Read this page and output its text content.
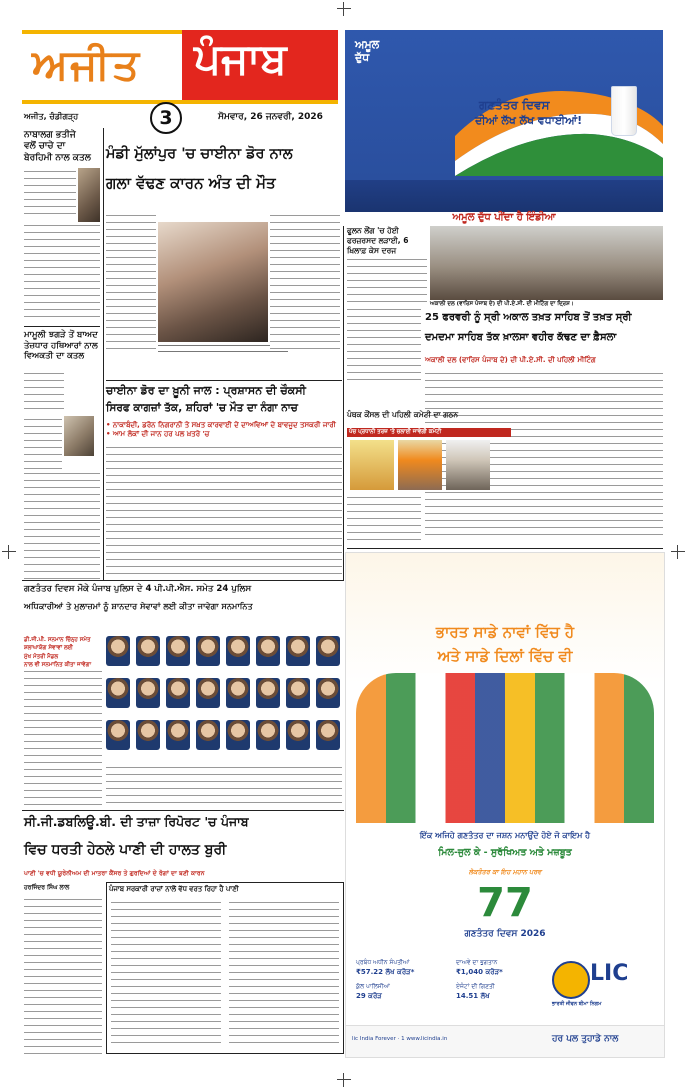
ਅਜੀਤ ਪੰਜਾਬ
3
ਅਜੀਤ, ਚੰਡੀਗੜ੍ਹ	ਸੋਮਵਾਰ, 26 ਜਨਵਰੀ, 2026
ਅਮੂਲ
ਦੁੱਧ
ਗਣਤੰਤਰ ਦਿਵਸ
ਦੀਆਂ ਲੱਖ ਲੱਖ ਵਧਾਈਆਂ!
ਅਮੂਲ ਦੁੱਧ ਪੀਂਦਾ ਹੈ ਇੰਡੀਆ
ਨਾਬਾਲਗ ਭਤੀਜੇ
ਵਲੋਂ ਚਾਚੇ ਦਾ
ਬੇਰਹਿਮੀ ਨਾਲ ਕਤਲ
ਮਾਮੂਲੀ ਝਗੜੇ ਤੋਂ ਬਾਅਦ
ਤੇਜ਼ਧਾਰ ਹਥਿਆਰਾਂ ਨਾਲ
ਵਿਅਕਤੀ ਦਾ ਕਤਲ
ਮੰਡੀ ਮੁੱਲਾਂਪੁਰ 'ਚ ਚਾਈਨਾ ਡੋਰ ਨਾਲ
ਗਲਾ ਵੱਢਣ ਕਾਰਨ ਅੰਤ ਦੀ ਮੌਤ
ਚਾਈਨਾ ਡੋਰ ਦਾ ਖ਼ੂਨੀ ਜਾਲ : ਪ੍ਰਸ਼ਾਸਨ ਦੀ ਚੌਕਸੀ
ਸਿਰਫ ਕਾਗਜ਼ਾਂ ਤੱਕ, ਸ਼ਹਿਰਾਂ 'ਚ ਮੌਤ ਦਾ ਨੰਗਾ ਨਾਚ
• ਨਾਕਾਬੰਦੀ, ਡਰੋਨ ਨਿਗਰਾਨੀ ਤੇ ਸਖ਼ਤ ਕਾਰਵਾਈ ਦੇ ਦਾਅਵਿਆਂ ਦੇ ਬਾਵਜੂਦ ਤਸਕਰੀ ਜਾਰੀ • ਆਮ ਲੋਕਾਂ ਦੀ ਜਾਨ ਹਰ ਪਲ ਖ਼ਤਰੇ 'ਚ
ਫੂਲਨ ਲੌਂਗ 'ਚ ਹੋਈ
ਫਰਜ਼ਰਸਦ ਲੜਾਈ, 6
ਖ਼ਿਲਾਫ਼ ਕੇਸ ਦਰਜ
ਅਕਾਲੀ ਦਲ (ਵਾਰਿਸ ਪੰਜਾਬ ਦੇ) ਦੀ ਪੀ.ਏ.ਸੀ. ਦੀ ਮੀਟਿੰਗ ਦਾ ਦ੍ਰਿਸ਼।
25 ਫਰਵਰੀ ਨੂੰ ਸ੍ਰੀ ਅਕਾਲ ਤਖ਼ਤ ਸਾਹਿਬ ਤੋਂ ਤਖ਼ਤ ਸ੍ਰੀ
ਦਮਦਮਾ ਸਾਹਿਬ ਤੱਕ ਖ਼ਾਲਸਾ ਵਹੀਰ ਕੱਢਣ ਦਾ ਫ਼ੈਸਲਾ
ਅਕਾਲੀ ਦਲ (ਵਾਰਿਸ ਪੰਜਾਬ ਦੇ) ਦੀ ਪੀ.ਏ.ਸੀ. ਦੀ ਪਹਿਲੀ ਮੀਟਿੰਗ
ਪੰਥਕ ਕੌਂਸਲ ਦੀ ਪਹਿਲੀ ਕਮੇਟੀ ਦਾ ਗਠਨ
ਪੰਚ ਪ੍ਰਧਾਨੀ ਤਰਜ਼ 'ਤੇ ਚਲਾਈ ਜਾਵੇਗੀ ਕਮੇਟੀ
ਗਣਤੰਤਰ ਦਿਵਸ ਮੌਕੇ ਪੰਜਾਬ ਪੁਲਿਸ ਦੇ 4 ਪੀ.ਪੀ.ਐਸ. ਸਮੇਤ 24 ਪੁਲਿਸ
ਅਧਿਕਾਰੀਆਂ ਤੇ ਮੁਲਾਜ਼ਮਾਂ ਨੂੰ ਸ਼ਾਨਦਾਰ ਸੇਵਾਵਾਂ ਲਈ ਕੀਤਾ ਜਾਵੇਗਾ ਸਨਮਾਨਿਤ
ਡੀ.ਜੀ.ਪੀ. ਸਨਮਾਨ ਚਿੰਨ੍ਹ ਸਮੇਤ
ਸ਼ਲਾਘਾਯੋਗ ਸੇਵਾਵਾਂ ਲਈ
ਮੁੱਖ ਮੰਤਰੀ ਮੈਡਲ
ਨਾਲ ਵੀ ਸਨਮਾਨਿਤ ਕੀਤਾ ਜਾਵੇਗਾ
ਸੀ.ਜੀ.ਡਬਲਿਊ.ਬੀ. ਦੀ ਤਾਜ਼ਾ ਰਿਪੋਰਟ 'ਚ ਪੰਜਾਬ
ਵਿਚ ਧਰਤੀ ਹੇਠਲੇ ਪਾਣੀ ਦੀ ਹਾਲਤ ਬੁਰੀ
ਪਾਣੀ 'ਚ ਵਧੀ ਯੂਰੇਨੀਅਮ ਦੀ ਮਾਤਰਾ ਕੈਂਸਰ ਤੇ ਗੁਰਦਿਆਂ ਦੇ ਰੋਗਾਂ ਦਾ ਬਣੀ ਕਾਰਨ
ਹਰਜਿੰਦਰ ਸਿੰਘ ਲਾਲ	ਪੰਜਾਬ ਸਰਕਾਰੀ ਰਾਜ਼ਾਂ ਨਾਲੋਂ ਵੱਧ ਵਰਤ ਰਿਹਾ ਹੈ ਪਾਣੀ
ਭਾਰਤ ਸਾਡੇ ਨਾਵਾਂ ਵਿੱਚ ਹੈ
ਅਤੇ ਸਾਡੇ ਦਿਲਾਂ ਵਿੱਚ ਵੀ
ਇੱਕ ਅਜਿਹੇ ਗਣਤੰਤਰ ਦਾ ਜਸ਼ਨ ਮਨਾਉਂਦੇ ਹੋਏ ਜੋ ਕਾਇਮ ਹੈ
ਮਿਲ-ਜੁਲ ਕੇ - ਸੁਰੱਖਿਅਤ ਅਤੇ ਮਜ਼ਬੂਤ
ਲੋਕਤੰਤਰ ਕਾ ਇਹ ਮਹਾਨ ਪਰਵ
77
ਗਣਤੰਤਰ ਦਿਵਸ 2026
ਪ੍ਰਬੰਧ ਅਧੀਨ ਸੰਪਤੀਆਂ
₹57.22 ਲੱਖ ਕਰੋੜ*
ਦਾਅਵੇ ਦਾ ਭੁਗਤਾਨ
₹1,040 ਕਰੋੜ*
ਕੁੱਲ ਪਾਲਿਸੀਆਂ
29 ਕਰੋੜ
ਏਜੰਟਾਂ ਦੀ ਗਿਣਤੀ
14.51 ਲੱਖ
LIC
ਭਾਰਤੀ ਜੀਵਨ ਬੀਮਾ ਨਿਗਮ
lic India Forever · 1 www.licindia.in	ਹਰ ਪਲ ਤੁਹਾਡੇ ਨਾਲ
